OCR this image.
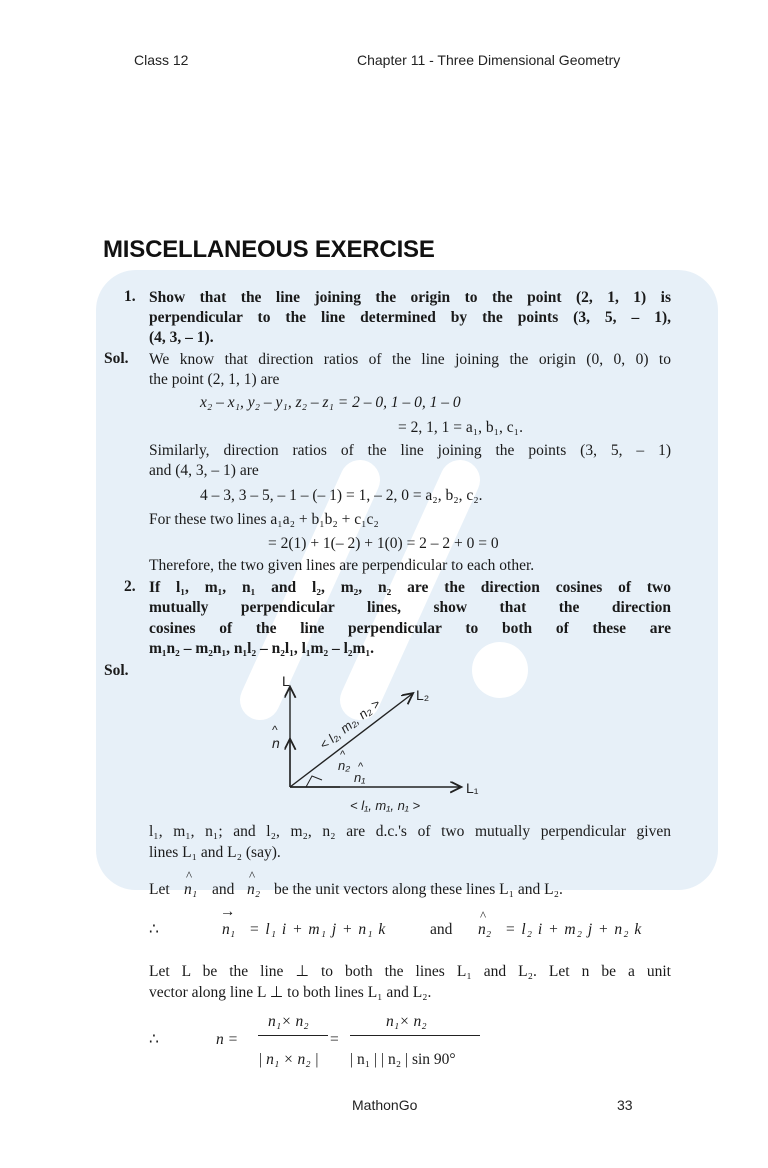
Class 12	Chapter 11 - Three Dimensional Geometry
MISCELLANEOUS EXERCISE
1. Show that the line joining the origin to the point (2, 1, 1) is
perpendicular to the line determined by the points (3, 5, – 1),
(4, 3, – 1).
Sol. We know that direction ratios of the line joining the origin (0, 0, 0) to
the point (2, 1, 1) are
x₂ – x₁, y₂ – y₁, z₂ – z₁ = 2 – 0, 1 – 0, 1 – 0
= 2, 1, 1 = a₁, b₁, c₁.
Similarly, direction ratios of the line joining the points (3, 5, – 1)
and (4, 3, – 1) are
4 – 3, 3 – 5, – 1 – (– 1) = 1, – 2, 0 = a₂, b₂, c₂.
For these two lines a₁a₂ + b₁b₂ + c₁c₂
= 2(1) + 1(– 2) + 1(0) = 2 – 2 + 0 = 0
Therefore, the two given lines are perpendicular to each other.
2. If l₁, m₁, n₁ and l₂, m₂, n₂ are the direction cosines of two
mutually perpendicular lines, show that the direction
cosines of the line perpendicular to both of these are
m₁n₂ – m₂n₁, n₁l₂ – n₂l₁, l₁m₂ – l₂m₁.
Sol.
L
L₁
L₂
^
n	< l₂, m₂, n₂ >
^
n₂ ^
n₁
< l₁, m₁, n₁ >
l₁, m₁, n₁; and l₂, m₂, n₂ are d.c.'s of two mutually perpendicular given
lines L₁ and L₂ (say).
Let
^
n₁ and
^
n₂ be the unit vectors along these lines L₁ and L₂.
∴
→
n₁ = l₁ i + m₁ j + n₁ k	and
^
n₂ = l₂ i + m₂ j + n₂ k
Let L be the line ⊥ to both the lines L₁ and L₂. Let n be a unit
vector along line L ⊥ to both lines L₁ and L₂.
∴	n =
n₁× n₂
| n₁ × n₂ |
=
n₁× n₂
| n₁ | | n₂ | sin 90°
MathonGo	33
